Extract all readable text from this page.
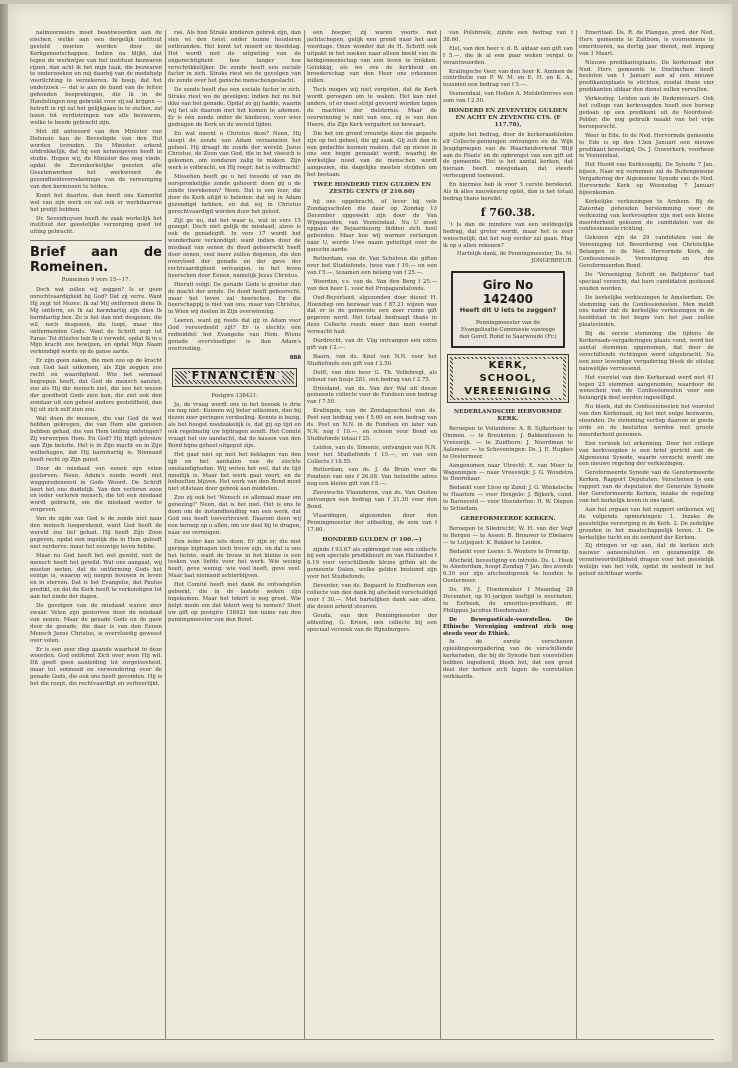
nalmoorzeiers moet beantwoorden aan de eischen, welke aan een dergelijk instituut gesteld moeten worden door de Kerkgenootschappen. Indien na blijkt, dat tegen de werkwijze van het instituut bezwaren rijzen, dan acht ik het mijn taak, die bezwaren te onderzoeken en mij daarbij van de medehulp voorlichting te verzekeren. Ik hoop, dat het onderzoek — dat is aan de hand van de feiten gebonden besprekingen, die ik in de Handelingen nog gebruikt voor zij zal krijgen — betreft in rijl zal het gelijkgaan in te stellen, zal lezen tot verdistringen van alle bezwaren, welke te beede gebracht zijn.

Met dit antwoord van den Minister van Defensie kan de Bevestigde van den Hul worden tevreden. De Minister erkent uitdrukkelijk, dat hij een kennisgeven heeft in studie. Hopen wij, de Minister des weg vinde, opdat de Zevenkerkelijke geesten alle Geestenwerken het werkwoord de gezondheidsverrekeninge van de vereeniging van den kermissen te leiden.

Komt het daartoe, dan heeft ons Kamerlid wel van zijn werk en zal ook er werkdaarvan het profijt hebben.

Dr. Sevenhuysen heeft de zaak werkelijk het instituut der geestelijke verzorging goed tot uiting gebracht.

Brief aan de Romeinen.
Romeinen 9 vers 15—17.

Doch wat zullen wij zeggen? Is er geen onrechtvaardigheid bij God? Dat zij verre. Want Hij zegt tot Mozes: Ik zal Mij ontfermen diens Ik Mij ontferm, en Ik zal barmhartig zijn dien Ik barmhartig ben. Zo is het dan niet desgenen, die wil, noch desgenen, die loopt, maar des ontfermenden Gods. Want de Schrift zegt tot Farao: Tot ditzelve heb Ik u verwekt, opdat Ik in u Mijn kracht zou bewijzen, en opdat Mijn Naam verkondigd worde op de ganse aarde.

Er zijn geen zaken, die men zoo op de kracht van God laat uitkomen, als Zijn zeggen zoo recht en waardigheid. Wie het eenmaal begrepen heeft, dat God de mensch aanziet, zoo als Hij die mensch ziet, die zoo het wezen der goedheid Gods zien kan, die ziet ook den zondaar uit een geheel andere gesteldheid, dan hij uit zich zelf zien zou.

Wat doen de mensen, die van God de wet hebben gekregen, die van Hem alle gunsten hebben gehad, die van Hem leiding ontvingen? Zij verwerpen Hem. En God? Hij blijft getrouw aan Zijn belofte. Het is in Zijn macht en in Zijn welbehagen, dat Hij barmhartig is. Niemand heeft recht op Zijn gunst.

Door de misdaad van eenen zijn velen gestorven. Neen, Adam's zonde wordt niet weggeredeneerd in Gods Woord. De Schrift leert het ons duidelijk. Van den verloren zoon en ieder verloren mensch, die tot een misdaad wordt gebracht, om die misdaad weder te vergeven.

Van de zijde van God is de zonde niet naar den mensch toegerekend, want God heeft de wereld zoo lief gehad. Hij heeft Zijn Zoon gegeven, opdat een iegelijk die in Hem gelooft niet verderve, maar het eeuwige leven hebbe.

Maar nu God heeft het wel gewild, niet de mensch heeft het gewild. Wat ons aangaat, wij moeten weten, dat de ontferming Gods het eenige is, waarop wij mogen bouwen in leven en in sterven. Dat is het Evangelie, dat Paulus predikt, en dat de Kerk heeft te verkondigen tot aan het einde der dagen.

De gevolgen van de misdaad waren zeer zwaar. Velen zijn gestorven door de misdaad van eenen. Maar de genade Gods en de gave door de genade, die daar is van den Eenen Mensch Jezus Christus, is overvloedig geweest over velen.

Er is een zeer diep gaande waarheid in deze woorden. God ontfermt Zich over wien Hij wil. Dit geeft geen aanleiding tot zorgeloosheid, maar tot ootmoed en verwondering over de genade Gods, die ook ons heeft gevonden. Hij is het die roept, die rechtvaardigt en verheerlijkt.

ras. Als hun Straks kinderen gebrek zijn, dan slen wi den twist onder hunne houderen ontbranden. Het komt tot moord en doodslag. Het wordt met de uitgieting van de ongerechtigheid hoe langer hoe verschrikkelijker. De zonde heeft een sociale factor in zich. Straks riest wo de gevolgen van de zonde over het gansche menschengeslacht.

De zonde heeft dus een sociale factor in zich. Straks riest wo de gevolgen; indien het nu het ikke van het genade. Opdat zo gij hadde, waarin wij het als daarom met het komen te ademen. Er is één zonde onder de kinderen, voor wier gedragen de Kerk en de wereld lijden.

En wat meent u Christus deze? Neen, Hij sleept de zonde van Adam verzamelen het geheel. Hij draagt de zonde der wereld. Jezus Christus, de Zoon van God, die in het vleesch is gekomen, om zondaren zalig te maken. Zijn werk is volbracht, en Hij roept: het is volbracht!

Missehen heeft ge u het twoede of van de oorspronkelijke zonde gehoord: doen gij u de zonde toerekenen? Neen. Dat is een leer, die door de Kerk altijd is beleden: dat wij in Adam gezondigd hebben, en dat wij in Christus gerechtvaardigd worden door het geloof.

Zijt ge nu, dat het waar is, wat in vers 15 gezegd: Doch niet gelijk de misdaad, alzoo is ook de genadegift. In vers 17 wordt het wonderbare verkondigd: want indien door de misdaad van eenen de dood geheerscht heeft door eenen, veel meer zullen degenen, die den overvloed der genade en der gave der rechtvaardigheid ontvangen, in het leven heerschen door Eenen, namelijk Jezus Christus.

Hieruit volgt: De genade Gods is groeter dan de macht der zonde. De dood heeft geheerscht, maar het leven zal heerschen. En die heerschappij is niet van ons, maar van Christus, in Wien wij deelen in Zijn overwinning.

Leeren, want gij reeds dat gij in Adam voor God veroordeeld zijt? Er is slechts één redmiddel: het Evangelie van Hem. Wiens genade overvloediger is dan Adam's overtreding.

888

FINANCIËN

Postgiro 138421.

Ja, de vraag wordt ons in het bezoek is drie en nog niet: Kunnen wij beter uitkomen, dan bij dezen zeer geringen verdeeling. Kennis is bezig, als het hoogst noodzakelijk is, dat gij op tijd en ook regelmatig uw bijdragen zendt. Het Comité vraagt het uw aandacht, dat de kassen van den Bond bijna geheel uitgeput zijn.

Het gaat niet op met het beklagen van den tijd en het aanhalen van de slechte omstandigheden. Wij weten het wel, dat de tijd moeilijk is. Maar het werk gaat voort, en de behoeften blijven. Het werk van den Bond moet niet stilstaan door gebrek aan middelen.

Zoo zij ook het 'Wensch ce allemaal maar om genezing?' Neen, dat is het niet. Het is ons te doen om de instandhouding van een werk, dat God ons heeft toevertrouwd. Daarom doen wij een beroep op u allen, om uw deel bij te dragen, naar uw vermogen.

Een ieder kan iets doen. Er zijn er, die met geringe bijdragen toch trouw zijn, en dat is ons het liefste, want de trouw in het kleine is een teeken van liefde voor het werk. Wie weinig heeft, geve weinig; wie veel heeft, geve veel. Maar laat niemand achterblijven.

Het Comité heeft met dank de ontvangsten geboekt, die in de laatste weken zijn ingekomen. Maar het tekort is nog groot. Wie helpt mede om dat tekort weg te nemen? Stort uw gift op postgiro 138421 ten name van den penningmeester van den Bond.

een boeper, zij waren voorts met jachtschepen, gelijk een grond naar het aan voordage. Onze wonder dat de H. Schrift ook uitpakt in het ooeken naar alleen beeld van de kerkgemeenschap van een leven te trekken. Gelukkig, als we ove de kerkheid en broederschap van den Heer ons erkennen zullen.

Toch mogen wij niet vergeten, dat de Kerk wordt geroepen om te waken. Het kan niet anders, of er moet strijd gevoerd worden tegen de machten der duisternis. Maar de overwinning is niet van ons, zij is van den Heere, die Zijn Kerk vergadert en bewaart.

Die het om grond vrouwtje deze die gepaste zijn op het geheel, die gij zaak. Gij zult dan in een gedachte kunnen maken, dat op nieuw in ons een begin gemaakt wordt, waarbij de werkelijke nood van de menschen wordt aangezien, die dagelijks moeten strijden om het bestaan.

TWEE HONDERD TIEN GULDEN EN ZESTIG CENTS (F 210.60)

bij ons opgebracht, of lever bij vele Zondagsscholen die daar op Zondag 13 December opgewekt zijn door de Van Wijngaarden, van Veenendaal. Na U moet opgaan de Bejaardezorg bidden zich heel gebonden. Maar hoe wij warmer verlangen naar U, worde Uwe naam geheiligd over de gansche aarde.

Rotterdam, van dr. Van Schelven die giften over het Studiefonds, twee van f 10.— en een van f 5.—, tezamen een belang van f 25.—.

Woerden, v.s. van ds. Van den Berg f 25.— van den heer L. voor het Propagandafonds.

Oud-Beyerland, algezonden door dienst H. Hoendiep om bezwaar van f 87.21 wijzen was dat er in de gemeente een zeer ruime gift gegeven werd. Het totaal bedraagt thans in deze Collecte reeds meer dan men vooraf verwacht had.

Dordrecht, van dr. Vlig ontvangen een extra gift van f 2.—.

Baarn, van ds. Knol van N.N. voor het Studiefonds een gift van f 2.50.

Delft, van den heer G. Th. Vollebregt, als inhoud van busje 281, een bedrag van f 2.75.

Driesland, van ds. Van der Wal uit deeze gemeente collecte voor de Fondsen een bedrag van f 7.50.

Kralingen, van de Zondagsschool van ds. Post een bedrag van f 5.60 en een bedrag van ds. Post en N.N. in de Fondsen en later van N.N. nog f 10.—, en schoon voor Bond en Studiefonds totaal f 25.

Leiden, van ds. Simonis, ontvangen van N.N. voor het Studiefonds f 15.—, en van een Collecte f 18.55.

Rotterdam, van ds. J. de Bruin voor de Fondsen van ons f 26.08. Van hetzelfde adres nog een kleine gift van f 5.—.

Zeeuwsche Vlaanderen, van ds. Van Oosten ontvangen een bedrag van f 21.30 voor den Bond.

Vlaardingen, algezonden door den Penningmeester der afdeeling, de som van f 17.60.

HONDERD GULDEN (F 100.—)

zijnde f 93.67 als opbrengst van een collecte bij een speciale predikbeurt en van Hollandse f 6.19 voor verschillende kleine giften uit de gemeente Dalen, welke gelden bestemd zijn voor het Studiefonds.

Deventer, van ds. Bogaard te Eindhoven een collecte van den dank bij afscheid verschuldigd voor f 30.—. Met hartelijken dank aan allen, die dezen arbeid steunen.

Gouda, van den Penningmeester der afdeeling, G. Kroon, een collecte bij een speciaal verzoek van de Rijnsburgers.

van Polsbroek, zijnde een bedrag van f 38.60.

Elst, van den heer v. d. B. aldaar een gift van f 5.—, die ik al een paar weken vergat te verantwoorden.

Kralingsche Veer, van den heer K. Ammen de contributie van P. W. M. en E. H. en K. A., tezamen een bedrag van f 5.—.

Veenendaal, van Hollen A. Metdetbreves een som van f 2.50.

HONDERD EN ZEVENTIEN GULDEN EN ACHT EN ZEVENTIG CTS. (F 117.78),

zijnde het bedrag, door de kerkeraadsleden elf Collecte-penningen ontvangen en de Wijk Jeugdgroepen van de Waarheidsvriend 'Blijf aan de Plaats' en de opbrengst van een gift uit de gemeente. Het is het aantal kerken, dat hieraan heeft meegedaan, dat steeds verheugend toeneemt.

En hiermee heb ik voor 't cerste berekend. Als ik alles nauwkeurig optel, dan is het totaal bedrag thans bereikt:

f 760.38.

't Is dan de mindere van een weldegelijk bedrag, dat groter wordt, maar het is zeer wenschelijk, dat het nog verder zal gaan. Mag ik op u allen rekenen?

Hartelijk dank, de Penningmeester, Ds. M. JONGEBREUR.

Giro No 142400
Heeft dit U iets te zeggen?
Penningmeester van de Evangelisatie-Commissie vanwege den Geref. Bond te Saarwoude (Fr.)
KERK, SCHOOL, VEREENIGING
NEDERLANDSCHE HERVORMDE KERK.

Beroepen te Vollenhove: A. B. Sijlkerboer te Ommen. — te Breukelen: J. Bakkenhaven te Vreeswijk. — te Zuidhorn: J. Noordman te Aalsmeer. — te Scheveningen: Ds. J. E. Hupkes te Oostermeer.

Aangenomen naar Utrecht: E. van Meer te Wageningen — naar Vreeswijk: J. G. Woudstra te Hoornhaar.

Bedankt voor Lhoo op Zand: J. G. Winkelsche te Haarlem — voor Hengelo: J. Bijkerk, cand. te Barneveld — voor Hoenderloo: H. W. Diepen te Schiedam.

GEREFORMEERDE KERKEN.

Beroepen te Sliedrecht: W. H. van der Vegt te Bergen — te Assen: B. Brouwer te Ebelaere — te Lutjegast: K. Bakker te Leiden.

Bedankt voor Leens: S. Wouters te Dronrijp.

Afscheid, bevestiging en intrede. Ds. L. Hoek te Amsterdam, hoopt Zondag 7 Jan. des avonds 6.30 uur zijn afscheidspreek te houden te Oostermeer.

Ds. Ph. J. Hoedemaker f Maandag 28 December, op 91-jarigen leeftijd is overleden, te Eerbeek, de emeritus-predikant, dr. Philippus Jacobus Hoedemaker.

De Bewegasticale-voorstellen. De Ethische Vereniging omtrent zich nog steeds voor de Ethiek.

In de eerste verschenen opleidingsvergadering van de verschillende kerkeraden, die bij de Synode hun voorstellen hebben ingediend, bleek het, dat een groot deel der kerken zich tegen de voorstellen verklaarde.

Emeritaat. Ds. R. de Planque, pred. der Ned. Herv. gemeente te Zaltbom, is voornemens te emeriteeren, na dertig jaar dienst, met ingang van 1 Maart.

Nieuwe predikantsplaats. De kerkeraad der Ned. Herv. gemeente te Doetinchem heeft besloten van 1 Januari aan af een nieuwe predikantsplaats te stichten, zoodat thans vier predikanten aldaar den dienst zullen vervullen.

Verkiezing. Leiden aan de Dedemsvaart. Ook het college van kerkvoogden heeft een beroep gedaan op een predikant uit de Noordoost-Polder, die nog gebruik maakt van het vrije beroepsrecht.

Weer in Ede. In de Ned. Hervormde gemeente te Ede is op den 13en Januari een nieuwe predikant bevestigd, Ds. J. Ouwerkerk, voorheen te Veenendaal.

Het Hoofd van Kerkvoogdij. De Synode 7 Jan. bijeen. Naar wij vernemen zal de Buitengewone Vergadering der Algemeene Synode van de Ned. Hervormde Kerk op Woensdag 7 Januari bijeenkomen.

Kerkelijke verkiezingen te Arnhem. Bij de Zaterdag gehouden herstemming voor de verkiezing van kerkvoogden zijn met een kleine meerderheid gekozen de candidaten van de confessioneele richting.

Gekozen zijn de 29 candidaten van de Vereeniging tot Bevordering van Christelijke Belangen in de Ned. Hervormde Kerk, de Confessioneele Vereeniging en den Gereformeerden Bond.

De 'Vereeniging Schrift en Belijdenis' had speciaal verzocht, dat hare candidaten gesteund zouden worden.

De kerkelijke verkiezingen te Amsterdam. De stemming van de Confessioneelen. Men meldt ons nader dat de kerkelijke verkiezingen in de hoofdstad in het begin van het jaar zullen plaatsvinden.

Bij de eerste stemming die tijdens de Kerkeraads-vergaderingen plaats vond, werd het aantal stemmen opgenomen, dat door de verschillende richtingen werd uitgebracht. Na een zeer levendige vergadering bleek de uitslag nauwelijks verrassend.

Het voorstel van den Kerkeraad werd met 41 tegen 23 stemmen aangenomen, waardoor de wenschen van de Confessioneelen voor een belangrijk deel werden ingewilligd.

Nu bleek, dat de Confessioneelen het voorstel van den Kerkeraad, zij het met enige bezwaren, steunden. De stemming verliep daarom in goede orde en de besluiten werden met groote meerderheid genomen.

Een verzoek tot erkenning. Door het college van kerkvoogden is een brief gericht aan de Algemeene Synode, waarin verzocht wordt om een nieuwe regeling der verkiezingen.

Gereformeerde Synode van de Gereformeerde Kerken. Rapport Deputaten. Verschenen is een rapport van de deputaten der Generale Synode der Gereformeerde Kerken, inzake de regeling van het kerkelijk leven in ons land.

Aan het orgaan van het rapport ontleenen wij de volgende opmerkingen: 1. Inzake de geestelijke verzorging in de Kerk. 2. De zedelijke gronden in het maatschappelijk leven. 3. De kerkelijke tucht en de eenheid der Kerken.

Zij dringen er op aan, dat de kerken zich nauwer aaneensluiten en gezamenlijk de verantwoordelijkheid dragen voor het geestelijk welzijn van het volk, opdat de eenheid in het geloof zichtbaar worde.
